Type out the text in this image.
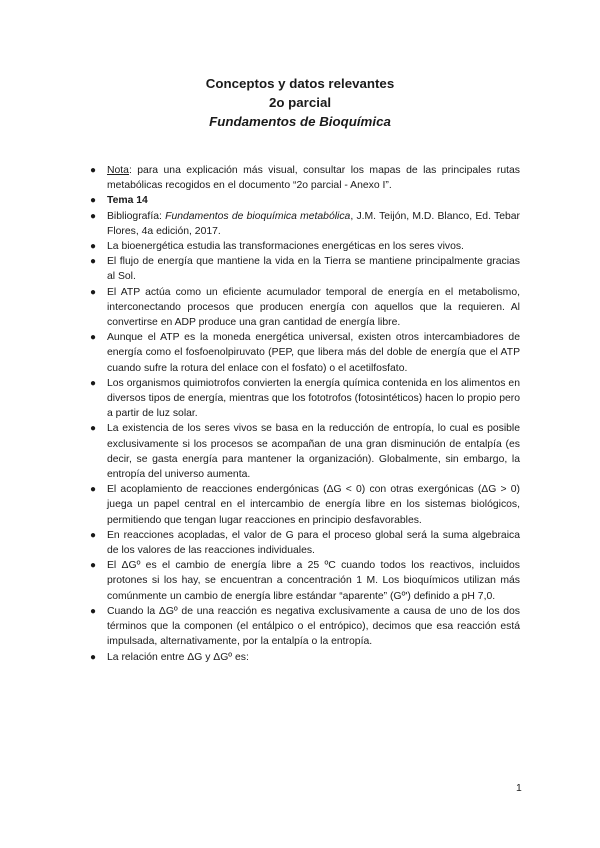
Conceptos y datos relevantes
2o parcial
Fundamentos de Bioquímica
● Nota: para una explicación más visual, consultar los mapas de las principales rutas metabólicas recogidos en el documento “2o parcial - Anexo I”.
● Tema 14
● Bibliografía: Fundamentos de bioquímica metabólica, J.M. Teijón, M.D. Blanco, Ed. Tebar Flores, 4a edición, 2017.
● La bioenergética estudia las transformaciones energéticas en los seres vivos.
● El flujo de energía que mantiene la vida en la Tierra se mantiene principalmente gracias al Sol.
● El ATP actúa como un eficiente acumulador temporal de energía en el metabolismo, interconectando procesos que producen energía con aquellos que la requieren. Al convertirse en ADP produce una gran cantidad de energía libre.
● Aunque el ATP es la moneda energética universal, existen otros intercambiadores de energía como el fosfoenolpiruvato (PEP, que libera más del doble de energía que el ATP cuando sufre la rotura del enlace con el fosfato) o el acetilfosfato.
● Los organismos quimiotrofos convierten la energía química contenida en los alimentos en diversos tipos de energía, mientras que los fototrofos (fotosintéticos) hacen lo propio pero a partir de luz solar.
● La existencia de los seres vivos se basa en la reducción de entropía, lo cual es posible exclusivamente si los procesos se acompañan de una gran disminución de entalpía (es decir, se gasta energía para mantener la organización). Globalmente, sin embargo, la entropía del universo aumenta.
● El acoplamiento de reacciones endergónicas (ΔG < 0) con otras exergónicas (ΔG > 0) juega un papel central en el intercambio de energía libre en los sistemas biológicos, permitiendo que tengan lugar reacciones en principio desfavorables.
● En reacciones acopladas, el valor de G para el proceso global será la suma algebraica de los valores de las reacciones individuales.
● El ΔGº es el cambio de energía libre a 25 ºC cuando todos los reactivos, incluidos protones si los hay, se encuentran a concentración 1 M. Los bioquímicos utilizan más comúnmente un cambio de energía libre estándar “aparente” (Gº') definido a pH 7,0.
● Cuando la ΔGº de una reacción es negativa exclusivamente a causa de uno de los dos términos que la componen (el entálpico o el entrópico), decimos que esa reacción está impulsada, alternativamente, por la entalpía o la entropía.
● La relación entre ΔG y ΔGº es:
1
